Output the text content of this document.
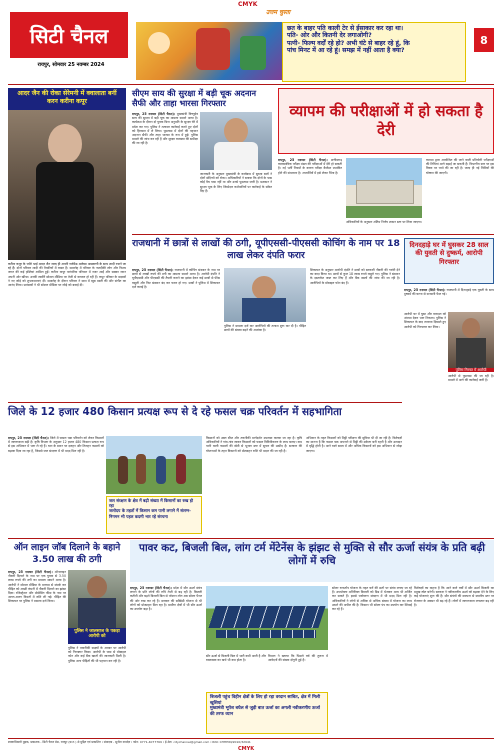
CMYK
सिटी चैनल
रायपुर, सोमवार 25 नवम्बर 2024
उत्तम चुस्ता
छत के बाहर पति काली टेर से ईसाकार कर रहा था।
पति- ओर और कितनी देर लगाओगी?
पत्नी- फिल्म वर्दों रहे हो? अभी घंटे से बाहर रहे हूं, कि
पांच मिनट में आ रहे हूं। समझ में नहीं आता है क्या?
8
आदर जैन की रोका सेरेमनी में क्वालाता बनीं करन करीना कपूर
करीना कपूर के चचेरे भाई आदर जैन जल्द ही अपनी गर्लफ्रेंड अलेखा आडवाणी के साथ शादी रचाने जा रहे हैं। दोनों परिवार शादी की तैयारियों में व्यस्त हैं। समारोह में परिवार के नजदीकी लोग और फिल्म जगत की कई हस्तियां शामिल हुईं। करीना कपूर पारंपरिक परिधान में नजर आईं और सबका ध्यान अपनी ओर खींचा। उनकी तस्वीरें सोशल मीडिया पर तेजी से वायरल हो रही हैं। कपूर परिवार के सदस्यों ने नए जोड़े को शुभकामनाएं दीं। समारोह के दौरान परिवार ने साथ में खूब मस्ती की और संगीत का आनंद लिया। प्रशंसकों ने भी सोशल मीडिया पर जोड़े को बधाई दी।
सीएम साय की सुरक्षा में बड़ी चूक अदनान सैफी और ताहा भारसा गिरफ्तार
रायपुर, 25 नवम्बर (सिटी चैनल)। मुख्यमंत्री विष्णुदेव साय की सुरक्षा में बड़ी चूक का मामला सामने आया है। कार्यक्रम के दौरान दो युवक बिना अनुमति के सुरक्षा घेरे में प्रवेश कर गए। पुलिस ने तत्काल कार्रवाई करते हुए दोनों को हिरासत में ले लिया। पूछताछ में दोनों की पहचान अदनान सैफी और ताहा भारसा के रूप में हुई। पुलिस मामले की जांच कर रही है और सुरक्षा व्यवस्था की समीक्षा की जा रही है।
जानकारी के अनुसार मुख्यमंत्री के कार्यक्रम में सुरक्षा बलों ने दोनों संदिग्धों को रोका। अधिकारियों ने बताया कि दोनों के पास कोई वैध पास नहीं था और उनसे पूछताछ जारी है। प्रशासन ने सुरक्षा चूक के लिए जिम्मेदार कर्मचारियों पर कार्रवाई के संकेत दिए हैं।
व्यापम की परीक्षाओं में हो सकता है देरी
रायपुर, 25 नवम्बर (सिटी चैनल)। छत्तीसगढ़ व्यावसायिक परीक्षा मंडल की परीक्षाओं में देरी हो सकती है। नई भर्ती नियमों के कारण परीक्षा कैलेंडर प्रभावित होने की संभावना है। अभ्यर्थियों में इसे लेकर चिंता है।
व्यापम द्वारा आयोजित की जाने वाली प्रतियोगी परीक्षाओं की तिथियां आगे बढ़ाई जा सकती हैं। विभागीय स्तर पर इस विषय पर चर्चा की जा रही है। जल्द ही नई तिथियों की घोषणा की जाएगी।
अधिकारियों के अनुसार अंतिम निर्णय शासन स्तर पर लिया जाएगा।
राजधानी में छात्रों से लाखों की ठगी, यूपीएससी-पीएससी कोचिंग के नाम पर 18 लाख लेकर दंपति फरार
रायपुर, 25 नवम्बर (सिटी चैनल)। राजधानी में कोचिंग संस्थान के नाम पर छात्रों से लाखों रुपये की ठगी का मामला सामने आया है। आरोपी दंपति ने यूपीएससी और पीएससी की तैयारी कराने का झांसा देकर कई छात्रों से फीस वसूली और फिर संस्थान बंद कर फरार हो गए। छात्रों ने पुलिस में शिकायत दर्ज कराई है।
पुलिस ने मामला दर्ज कर आरोपियों की तलाश शुरू कर दी है। पीड़ित छात्रों की संख्या बढ़ने की आशंका है।
शिकायत के अनुसार आरोपी दंपति ने छात्रों को सरकारी नौकरी की गारंटी देने का वादा किया था। छात्रों से कुल 18 लाख रुपये वसूले गए। पुलिस ने संस्थान के दस्तावेज जब्त कर लिए हैं और बैंक खातों की जांच की जा रही है। आरोपियों के मोबाइल फोन बंद हैं।
दिनदहाड़े घर में घुसकर 28 साल की युवती से दुष्कर्म, आरोपी गिरफ्तार
रायपुर, 25 नवम्बर (सिटी चैनल)। राजधानी में दिनदहाड़े एक युवती के साथ दुष्कर्म की घटना से सनसनी फैल गई।
आरोपी घर में घुसा और वारदात को अंजाम देकर भाग निकला। पुलिस ने शिकायत के बाद तत्परता दिखाते हुए आरोपी को गिरफ्तार कर लिया।
पुलिस गिरफ्त में आरोपी
आरोपी से पूछताछ की जा रही है। मामले में आगे की कार्रवाई जारी है।
जिले के 12 हजार 480 किसान प्रत्यक्ष रूप से दे रहे फसल चक्र परिवर्तन में सहभागिता
रायपुर, 25 नवम्बर (सिटी चैनल)। जिले में फसल चक्र परिवर्तन को लेकर किसानों में जागरूकता बढ़ी है। कृषि विभाग के अनुसार 12 हजार 480 किसान प्रत्यक्ष रूप से इस अभियान में भाग ले रहे हैं। धान के स्थान पर दलहन और तिलहन फसलों को बढ़ावा दिया जा रहा है, जिससे जल संरक्षण में भी मदद मिल रही है।
जल संरक्षण के क्षेत्र में बढ़ी संख्या में किसानों का रुख हो रहा
जलोदय के तहतों में किसान कम पानी लगाने में संलग्न-निगमन भी पहल कदमी भार रहे संरचना
किसानों को उन्नत बीज और तकनीकी मार्गदर्शन उपलब्ध कराया जा रहा है। कृषि अधिकारियों ने गांव-गांव जाकर किसानों को फसल विविधीकरण के लाभ बताए। कम पानी वाली फसलों की खेती से भूजल स्तर में सुधार की उम्मीद है। सरकार की योजनाओं के तहत किसानों को प्रोत्साहन राशि भी प्रदान की जा रही है।
अभियान के तहत किसानों को मिट्टी परीक्षण की सुविधा भी दी जा रही है। विशेषज्ञों का मानना है कि फसल चक्र अपनाने से मिट्टी की उर्वरता बनी रहती है और उत्पादन में वृद्धि होती है। आने वाले समय में और अधिक किसानों को इस अभियान से जोड़ा जाएगा।
ऑन लाइन जॉब दिलाने के बहाने 3.50 लाख की ठगी
रायपुर, 25 नवम्बर (सिटी चैनल)। ऑनलाइन नौकरी दिलाने के नाम पर एक युवक से 3.50 लाख रुपये की ठगी का मामला सामने आया है। आरोपी ने सोशल मीडिया के माध्यम से संपर्क कर पीड़ित को अच्छी कंपनी में नौकरी दिलाने का झांसा दिया। रजिस्ट्रेशन और प्रोसेसिंग फीस के नाम पर अलग-अलग किश्तों में राशि ली गई। पीड़ित की शिकायत पर पुलिस ने मामला दर्ज किया।
पुलिस ने जालसाज के पकड़ा आरोपी को
पुलिस ने तकनीकी साक्ष्यों के आधार पर आरोपी को गिरफ्तार किया। आरोपी के पास से मोबाइल फोन और कई बैंक खातों की जानकारी मिली है। पुलिस अन्य पीड़ितों की भी पहचान कर रही है।
पावर कट, बिजली बिल, लांग टर्म मेंटेनेंस के झंझट से मुक्ति से सौर ऊर्जा संयंत्र के प्रति बढ़ी लोगों में रुचि
रायपुर, 25 नवम्बर (सिटी चैनल)। प्रदेश में सौर ऊर्जा संयंत्र लगाने के प्रति लोगों की रुचि तेजी से बढ़ रही है। बिजली कटौती और बढ़ते बिजली बिल से परेशान लोग अब सोलर पैनल की ओर रुख कर रहे हैं। सरकार की सब्सिडी योजना से भी लोगों को प्रोत्साहन मिल रहा है। ग्रामीण क्षेत्रों में भी सौर ऊर्जा का उपयोग बढ़ा है।
सौर ऊर्जा से बिजली बिल में भारी कमी आती है और रखरखाव का खर्च भी कम होता है।
विभाग ने बताया कि पिछले वर्ष की तुलना में आवेदनों की संख्या दोगुनी हुई है।
बिजली पहुंच विहीन क्षेत्रों के लिए हो रहा वरदान साबित, क्षेत्र में मिली खुशियां
मुख्यमंत्री भूपेश बघेल से जुड़ी बात ऊर्जा का अगली नवीकरणीय ऊर्जा की तरफ ध्यान
सोलर रूफटॉप योजना के तहत घरों की छतों पर संयंत्र लगाए जा रहे हैं। उपभोक्ता अतिरिक्त बिजली को ग्रिड में भेजकर आय भी अर्जित कर सकते हैं। इससे पर्यावरण संरक्षण में भी मदद मिल रही है। अधिकारियों ने लोगों से अधिक से अधिक संख्या में योजना का लाभ उठाने की अपील की है। किसान भी सोलर पंप का उपयोग कर सिंचाई कर रहे हैं।
विशेषज्ञों का कहना है कि आने वाले वर्षों में सौर ऊर्जा बिजली का प्रमुख स्रोत बनेगी। सरकार ने नवीकरणीय ऊर्जा को बढ़ावा देने के लिए कई योजनाएं शुरू की हैं। सौर संयंत्रों की स्थापना से स्थानीय स्तर पर रोजगार के अवसर भी बढ़ रहे हैं। लोगों में जागरूकता लगातार बढ़ रही है।
स्वत्वाधिकारी मुद्रक, प्रकाशक - सिटी चैनल प्रेस, रायपुर (छ.ग.) से मुद्रित एवं प्रकाशित । संपादक - सुनील नामदेव । फोन: 0771-4077769 । ई-मेल: citychannel@gmail.com । RNI: CHHHIN/2010/32941
CMYK
